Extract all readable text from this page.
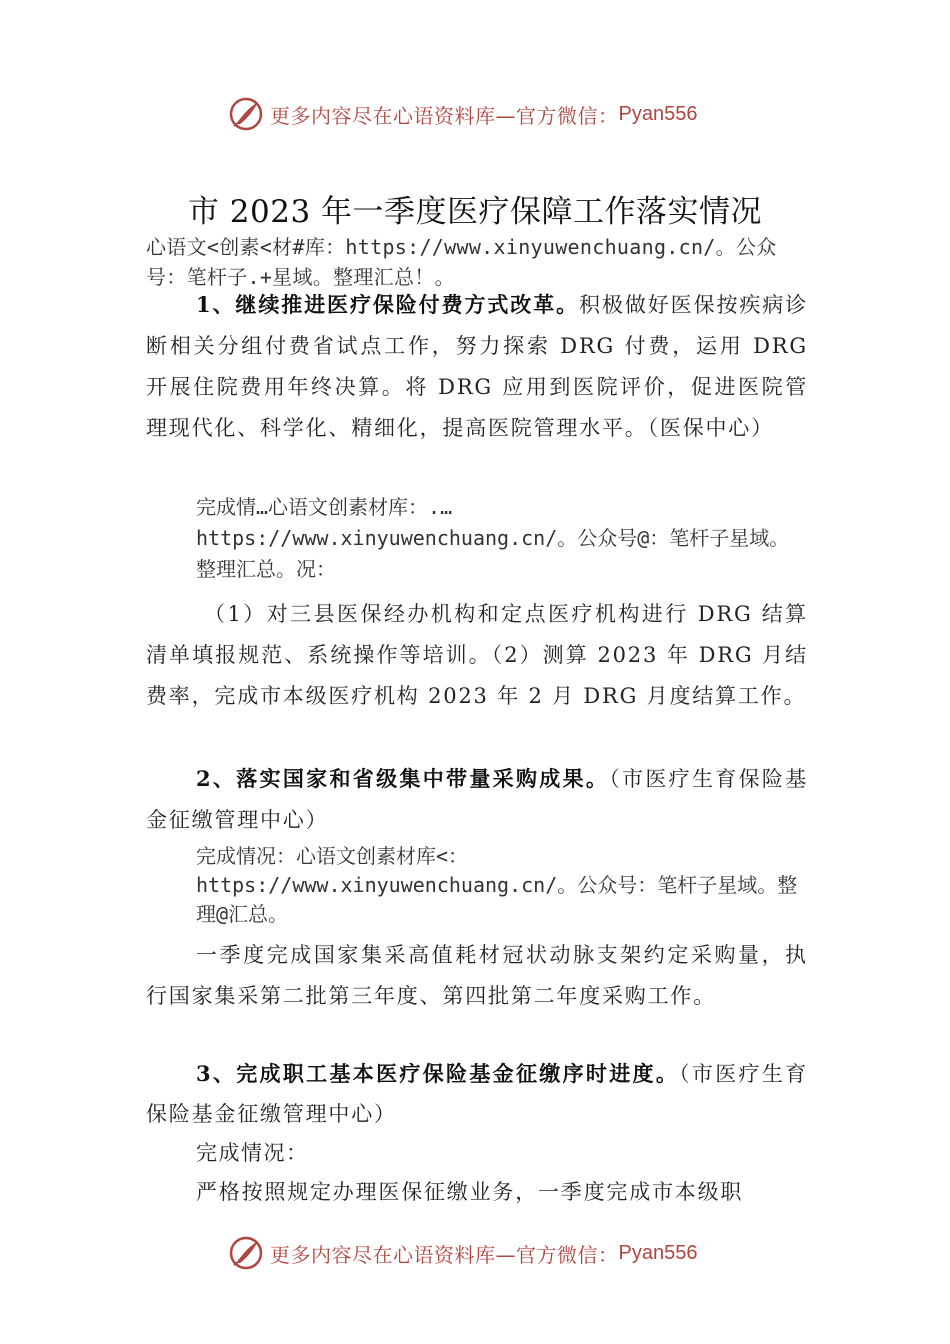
更多内容尽在心语资料库—官方微信： Pyan556
市 2023 年一季度医疗保障工作落实情况

心语文<创素<材#库：https://www.xinyuwenchuang.cn/。公众号：笔杆子.+星域。整理汇总！。

1、继续推进医疗保险付费方式改革。积极做好医保按疾病诊断相关分组付费省试点工作，努力探索 DRG 付费，运用 DRG 开展住院费用年终决算。将 DRG 应用到医院评价，促进医院管理现代化、科学化、精细化，提高医院管理水平。（医保中心）

完成情…心语文创素材库：.…https://www.xinyuwenchuang.cn/。公众号@：笔杆子星域。整理汇总。况：

（1）对三县医保经办机构和定点医疗机构进行 DRG 结算清单填报规范、系统操作等培训。（2）测算 2023 年 DRG 月结费率，完成市本级医疗机构 2023 年 2 月 DRG 月度结算工作。

2、落实国家和省级集中带量采购成果。（市医疗生育保险基金征缴管理中心）

完成情况：心语文创素材库<：https://www.xinyuwenchuang.cn/。公众号：笔杆子星域。整理@汇总。

一季度完成国家集采高值耗材冠状动脉支架约定采购量，执行国家集采第二批第三年度、第四批第二年度采购工作。

3、完成职工基本医疗保险基金征缴序时进度。（市医疗生育保险基金征缴管理中心）

完成情况：

严格按照规定办理医保征缴业务，一季度完成市本级职

更多内容尽在心语资料库—官方微信： Pyan556
